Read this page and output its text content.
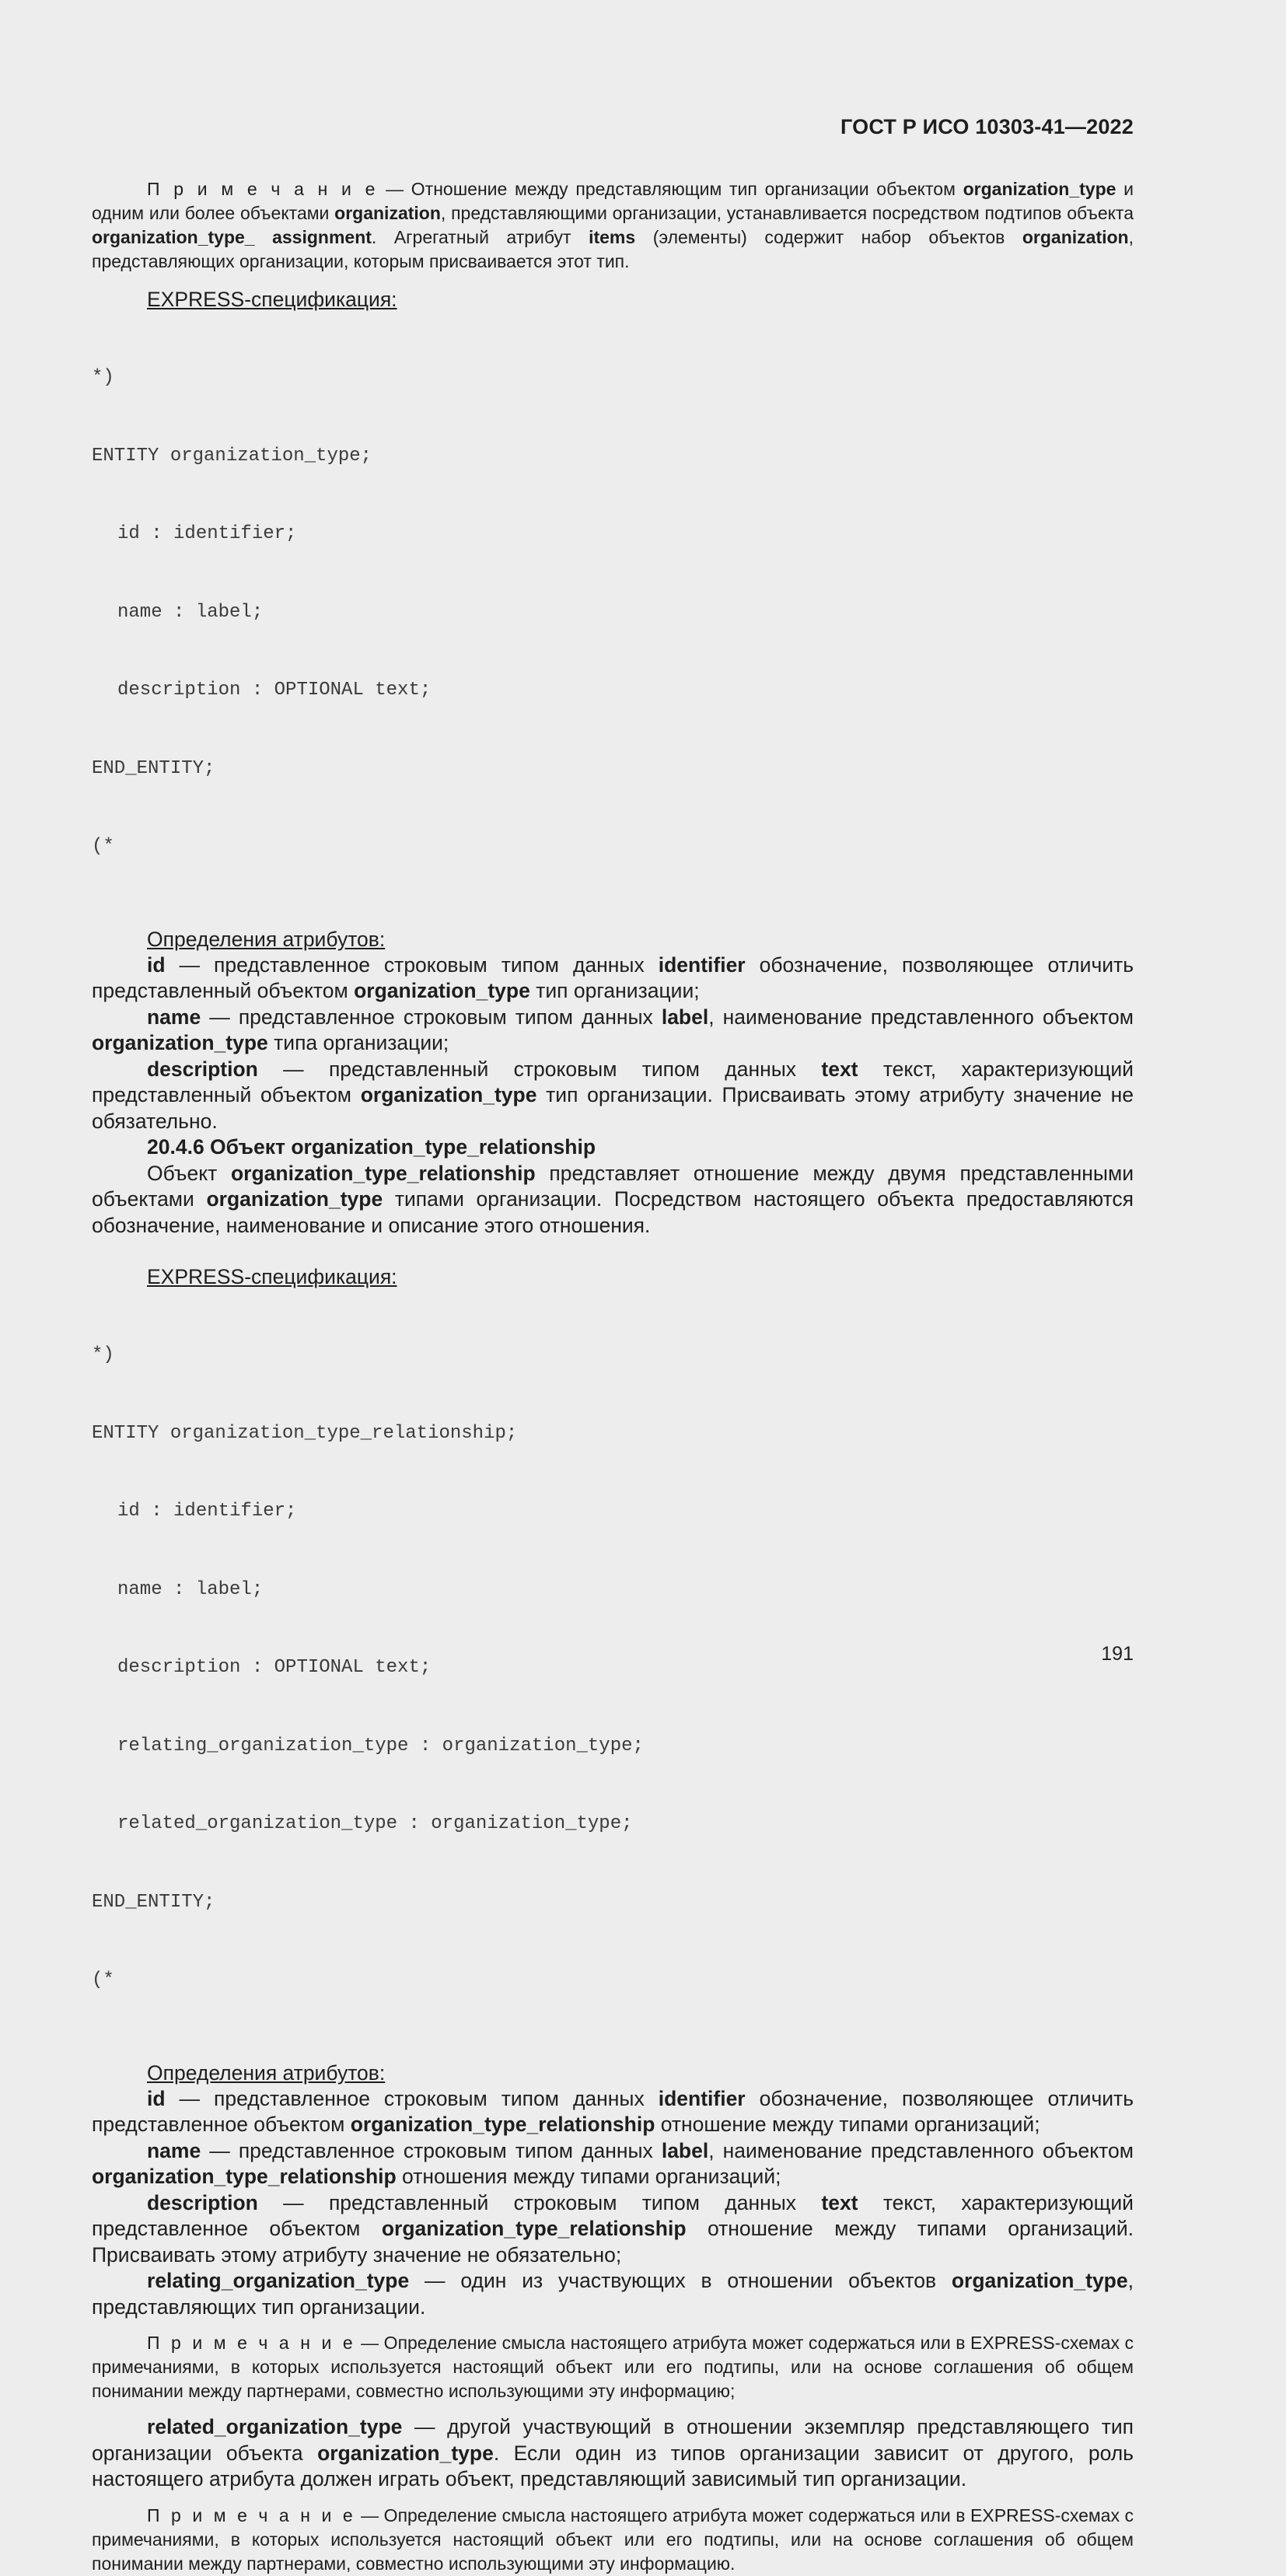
ГОСТ Р ИСО 10303-41—2022

П р и м е ч а н и е — Отношение между представляющим тип организации объектом organization_type и одним или более объектами organization, представляющими организации, устанавливается посредством подтипов объекта organization_type_ assignment. Агрегатный атрибут items (элементы) содержит набор объектов organization, представляющих организации, которым присваивается этот тип.

EXPRESS-спецификация:

*)

ENTITY organization_type;

id : identifier;

name : label;

description : OPTIONAL text;

END_ENTITY;

(*

Определения атрибутов:

id — представленное строковым типом данных identifier обозначение, позволяющее отличить представленный объектом organization_type тип организации;

name — представленное строковым типом данных label, наименование представленного объектом organization_type типа организации;

description — представленный строковым типом данных text текст, характеризующий представленный объектом organization_type тип организации. Присваивать этому атрибуту значение не обязательно.

20.4.6 Объект organization_type_relationship

Объект organization_type_relationship представляет отношение между двумя представленными объектами organization_type типами организации. Посредством настоящего объекта предоставляются обозначение, наименование и описание этого отношения.

EXPRESS-спецификация:

*)

ENTITY organization_type_relationship;

id : identifier;

name : label;

description : OPTIONAL text;

relating_organization_type : organization_type;

related_organization_type : organization_type;

END_ENTITY;

(*

Определения атрибутов:

id — представленное строковым типом данных identifier обозначение, позволяющее отличить представленное объектом organization_type_relationship отношение между типами организаций;

name — представленное строковым типом данных label, наименование представленного объектом organization_type_relationship отношения между типами организаций;

description — представленный строковым типом данных text текст, характеризующий представленное объектом organization_type_relationship отношение между типами организаций. Присваивать этому атрибуту значение не обязательно;

relating_organization_type — один из участвующих в отношении объектов organization_type, представляющих тип организации.

П р и м е ч а н и е — Определение смысла настоящего атрибута может содержаться или в EXPRESS-схемах с примечаниями, в которых используется настоящий объект или его подтипы, или на основе соглашения об общем понимании между партнерами, совместно использующими эту информацию;

related_organization_type — другой участвующий в отношении экземпляр представляющего тип организации объекта organization_type. Если один из типов организации зависит от другого, роль настоящего атрибута должен играть объект, представляющий зависимый тип организации.

П р и м е ч а н и е — Определение смысла настоящего атрибута может содержаться или в EXPRESS-схемах с примечаниями, в которых используется настоящий объект или его подтипы, или на основе соглашения об общем понимании между партнерами, совместно использующими эту информацию.

191
